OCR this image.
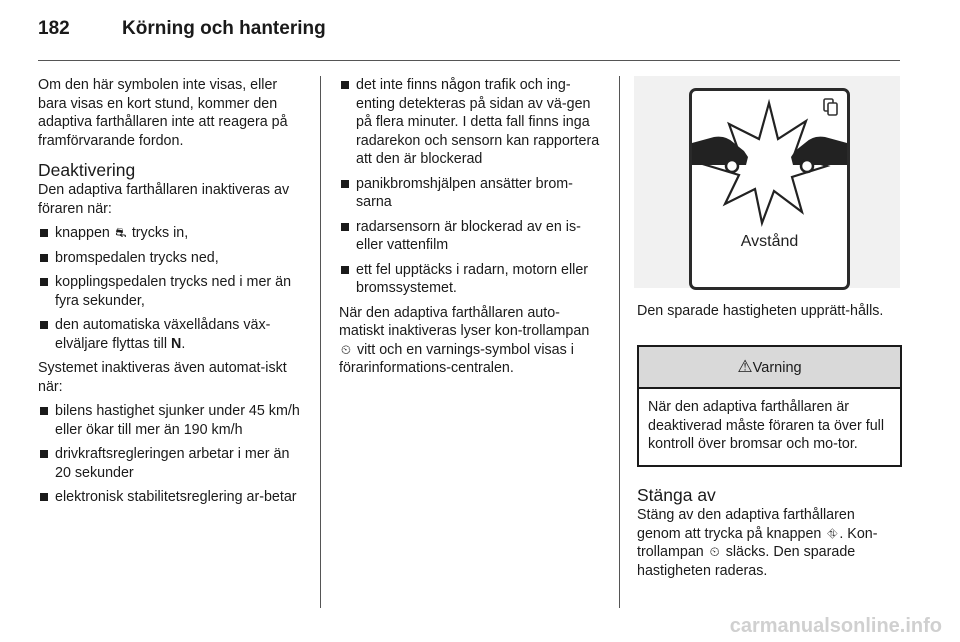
182	Körning och hantering

Om den här symbolen inte visas, eller bara visas en kort stund, kommer den adaptiva farthållaren inte att reagera på framförvarande fordon.

Deaktivering

Den adaptiva farthållaren inaktiveras av föraren när:

knappen ⛐ trycks in,
bromspedalen trycks ned,
kopplingspedalen trycks ned i mer än fyra sekunder,
den automatiska växellådans väx-elväljare flyttas till N.

Systemet inaktiveras även automat-iskt när:

bilens hastighet sjunker under 45 km/h eller ökar till mer än 190 km/h
drivkraftsregleringen arbetar i mer än 20 sekunder
elektronisk stabilitetsreglering ar-betar
det inte finns någon trafik och ing-enting detekteras på sidan av vä-gen på flera minuter. I detta fall finns inga radarekon och sensorn kan rapportera att den är blockerad
panikbromshjälpen ansätter brom-sarna
radarsensorn är blockerad av en is- eller vattenfilm
ett fel upptäcks i radarn, motorn eller bromssystemet.

När den adaptiva farthållaren auto-matiskt inaktiveras lyser kon-trollampan ⏲ vitt och en varnings-symbol visas i förarinformations-centralen.

Avstånd

Den sparade hastigheten upprätt-hålls.

⚠Varning
När den adaptiva farthållaren är deaktiverad måste föraren ta över full kontroll över bromsar och mo-tor.
Stänga av

Stäng av den adaptiva farthållaren genom att trycka på knappen ⛗ . Kon-trollampan ⏲ släcks. Den sparade hastigheten raderas.

carmanualsonline.info
